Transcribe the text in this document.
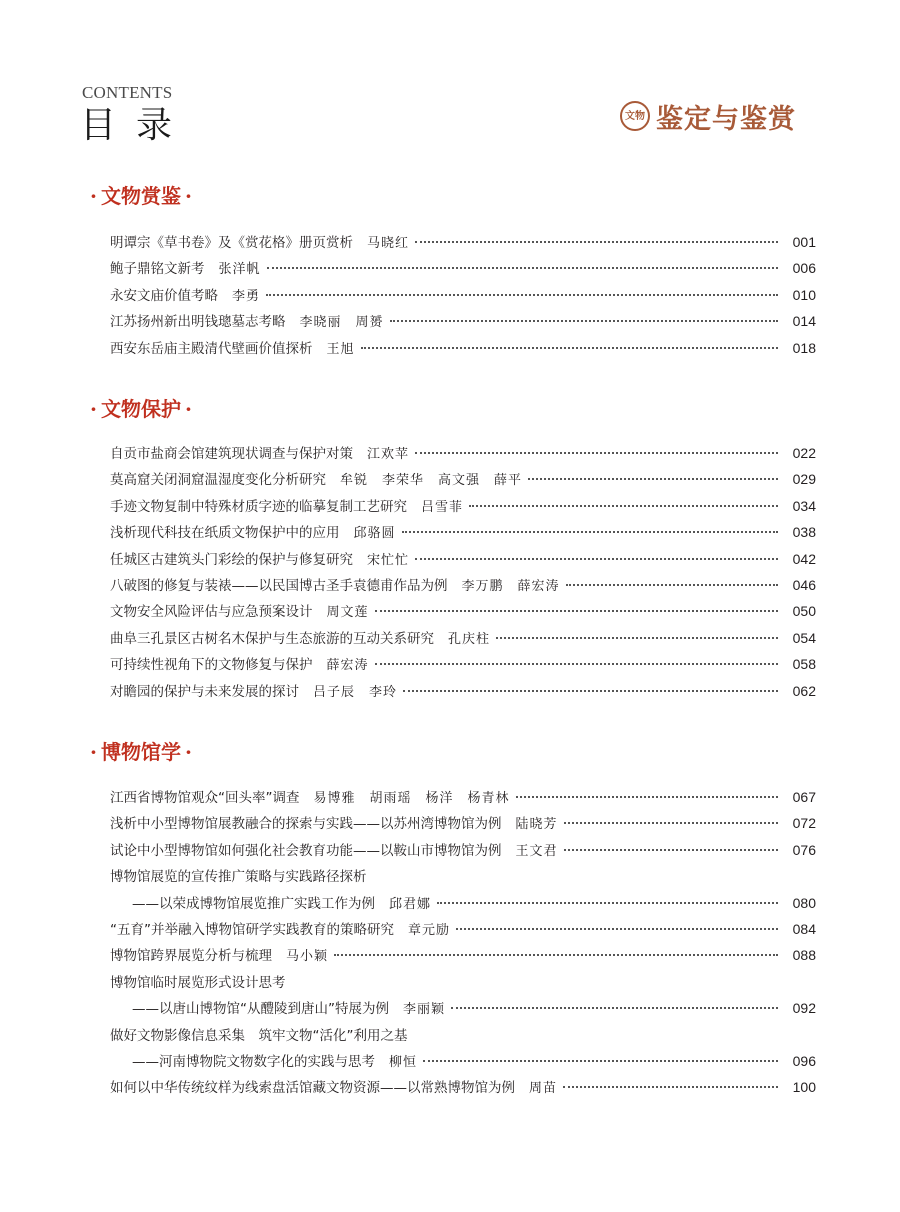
CONTENTS
目录	文物 鉴定与鉴赏
· 文物赏鉴 ·
明谭宗《草书卷》及《赏花格》册页赏析 马晓红	001
鲍子鼎铭文新考 张洋帆	006
永安文庙价值考略 李勇	010
江苏扬州新出明钱璁墓志考略 李晓丽　周赟	014
西安东岳庙主殿清代壁画价值探析 王旭	018
· 文物保护 ·
自贡市盐商会馆建筑现状调查与保护对策 江欢苹	022
莫高窟关闭洞窟温湿度变化分析研究 牟锐　李荣华　高文强　薛平	029
手迹文物复制中特殊材质字迹的临摹复制工艺研究 吕雪菲	034
浅析现代科技在纸质文物保护中的应用 邱骆圆	038
任城区古建筑头门彩绘的保护与修复研究 宋忙忙	042
八破图的修复与装裱——以民国博古圣手袁德甫作品为例 李万鹏　薛宏涛	046
文物安全风险评估与应急预案设计 周文莲	050
曲阜三孔景区古树名木保护与生态旅游的互动关系研究 孔庆柱	054
可持续性视角下的文物修复与保护 薛宏涛	058
对瞻园的保护与未来发展的探讨 吕子辰　李玲	062
· 博物馆学 ·
江西省博物馆观众“回头率”调查 易博雅　胡雨瑶　杨洋　杨青林	067
浅析中小型博物馆展教融合的探索与实践——以苏州湾博物馆为例 陆晓芳	072
试论中小型博物馆如何强化社会教育功能——以鞍山市博物馆为例 王文君	076
博物馆展览的宣传推广策略与实践路径探析
——以荣成博物馆展览推广实践工作为例 邱君娜	080
“五育”并举融入博物馆研学实践教育的策略研究 章元励	084
博物馆跨界展览分析与梳理 马小颖	088
博物馆临时展览形式设计思考
——以唐山博物馆“从醴陵到唐山”特展为例 李丽颖	092
做好文物影像信息采集　筑牢文物“活化”利用之基
——河南博物院文物数字化的实践与思考 柳恒	096
如何以中华传统纹样为线索盘活馆藏文物资源——以常熟博物馆为例 周苗	100
